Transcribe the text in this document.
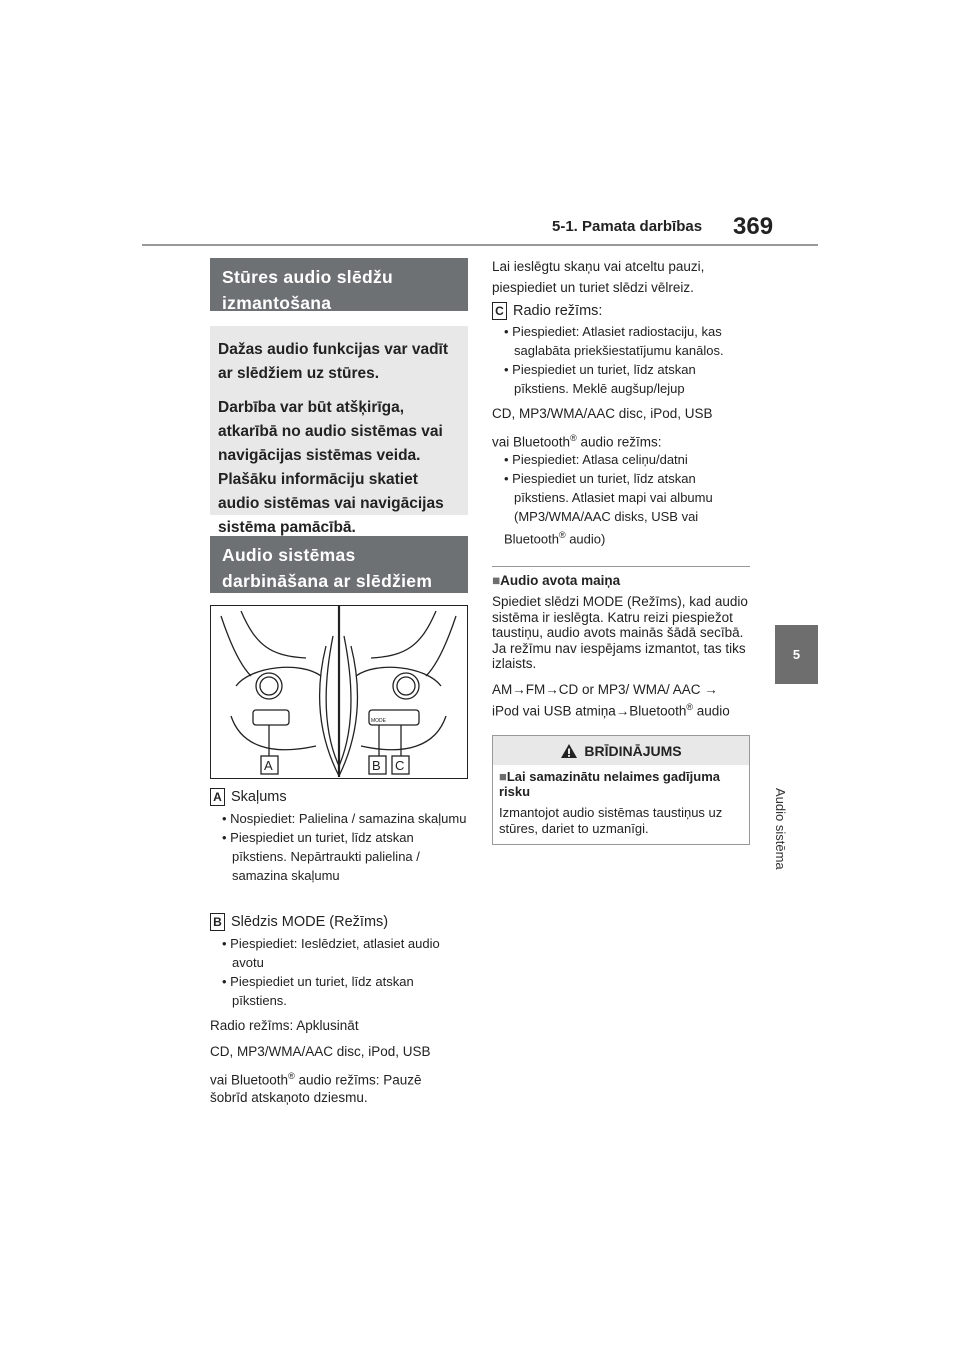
5-1. Pamata darbības 369
5
Audio sistēma
Stūres audio slēdžu izmantošana

Dažas audio funkcijas var vadīt ar slēdžiem uz stūres.

Darbība var būt atšķirīga, atkarībā no audio sistēmas vai navigācijas sistēmas veida. Plašāku informāciju skatiet audio sistēmas vai navigācijas sistēma pamācībā.

Audio sistēmas darbināšana ar slēdžiem
MODE
A	B C
A Skaļums

• Nospiediet: Palielina / samazina skaļumu

• Piespiediet un turiet, līdz atskan pīkstiens. Nepārtraukti palielina / samazina skaļumu

B Slēdzis MODE (Režīms)

• Piespiediet: Ieslēdziet, atlasiet audio avotu

• Piespiediet un turiet, līdz atskan pīkstiens.

Radio režīms: Apklusināt

CD, MP3/WMA/AAC disc, iPod, USB

vai Bluetooth® audio režīms: Pauzē

šobrīd atskaņoto dziesmu.

Lai ieslēgtu skaņu vai atceltu pauzi, piespiediet un turiet slēdzi vēlreiz.

C Radio režīms:

• Piespiediet: Atlasiet radiostaciju, kas saglabāta priekšiestatījumu kanālos.

• Piespiediet un turiet, līdz atskan pīkstiens. Meklē augšup/lejup

CD, MP3/WMA/AAC disc, iPod, USB

vai Bluetooth® audio režīms:

• Piespiediet: Atlasa celiņu/datni

• Piespiediet un turiet, līdz atskan pīkstiens. Atlasiet mapi vai albumu (MP3/WMA/AAC disks, USB vai

Bluetooth® audio)

■Audio avota maiņa

Spiediet slēdzi MODE (Režīms), kad audio sistēma ir ieslēgta. Katru reizi piespiežot taustiņu, audio avots mainās šādā secībā. Ja režīmu nav iespējams izmantot, tas tiks izlaists.

AM→FM→CD or MP3/ WMA/ AAC →

iPod vai USB atmiņa→Bluetooth® audio

BRĪDINĀJUMS
■Lai samazinātu nelaimes gadījuma risku

Izmantojot audio sistēmas taustiņus uz stūres, dariet to uzmanīgi.
